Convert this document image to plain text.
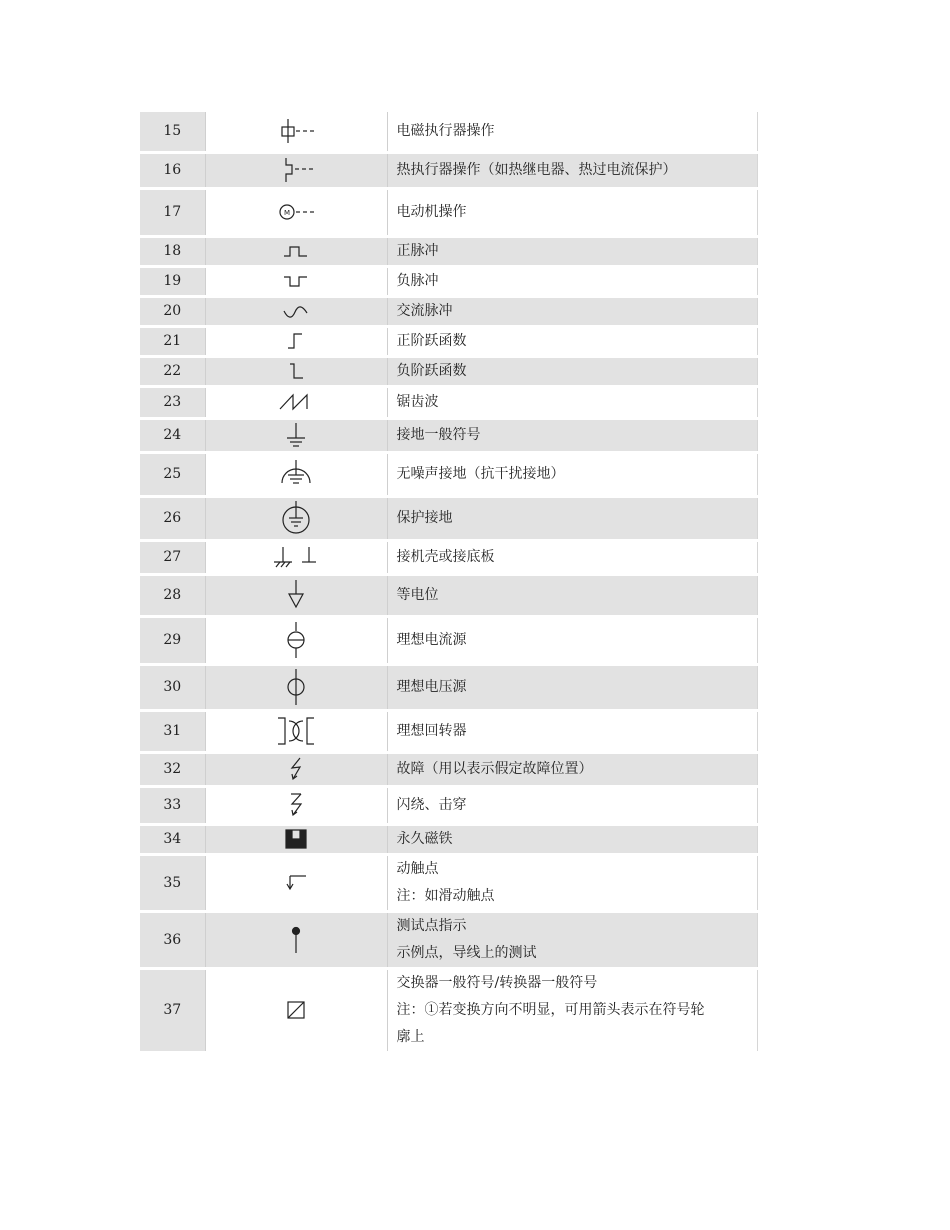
15		电磁执行器操作

16		热执行器操作（如热继电器、热过电流保护）

17	M	电动机操作

18		正脉冲

19		负脉冲

20		交流脉冲

21		正阶跃函数

22		负阶跃函数

23		锯齿波

24		接地一般符号

25		无噪声接地（抗干扰接地）

26		保护接地

27		接机壳或接底板

28		等电位

29		理想电流源

30		理想电压源

31		理想回转器

32		故障（用以表示假定故障位置）

33		闪绕、击穿

34		永久磁铁

35		动触点
注：如滑动触点

36		测试点指示
示例点，导线上的测试

37		交换器一般符号/转换器一般符号
注：①若变换方向不明显，可用箭头表示在符号轮
廓上
